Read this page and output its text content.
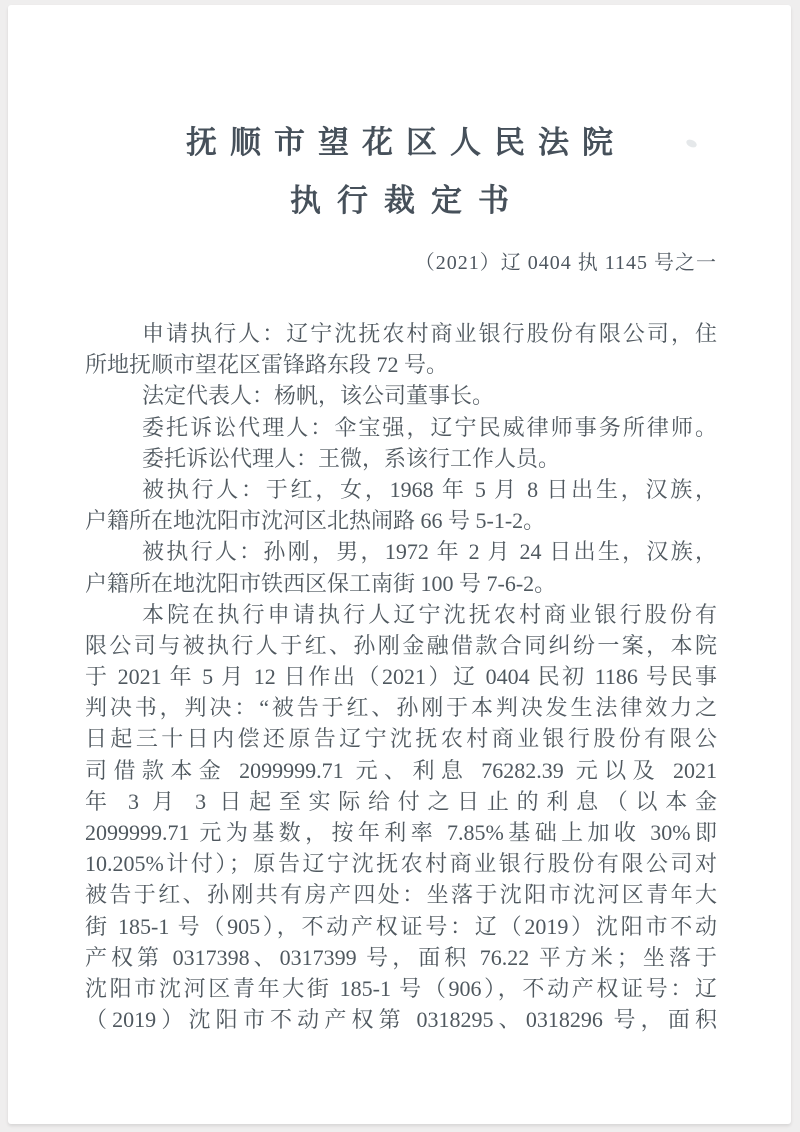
抚顺市望花区人民法院
执行裁定书
（2021）辽 0404 执 1145 号之一
申请执行人：辽宁沈抚农村商业银行股份有限公司，住
所地抚顺市望花区雷锋路东段 72 号。
法定代表人：杨帆，该公司董事长。
委托诉讼代理人：伞宝强，辽宁民威律师事务所律师。
委托诉讼代理人：王微，系该行工作人员。
被执行人：于红，女，1968 年 5 月 8 日出生，汉族，
户籍所在地沈阳市沈河区北热闹路 66 号 5-1-2。
被执行人：孙刚，男，1972 年 2 月 24 日出生，汉族，
户籍所在地沈阳市铁西区保工南街 100 号 7-6-2。
本院在执行申请执行人辽宁沈抚农村商业银行股份有
限公司与被执行人于红、孙刚金融借款合同纠纷一案，本院
于 2021 年 5 月 12 日作出（2021）辽 0404 民初 1186 号民事
判决书，判决：“被告于红、孙刚于本判决发生法律效力之
日起三十日内偿还原告辽宁沈抚农村商业银行股份有限公
司借款本金 2099999.71 元、利息 76282.39 元以及 2021
年 3 月 3 日起至实际给付之日止的利息（以本金
2099999.71 元为基数，按年利率 7.85%基础上加收 30%即
10.205%计付）；原告辽宁沈抚农村商业银行股份有限公司对
被告于红、孙刚共有房产四处：坐落于沈阳市沈河区青年大
街 185-1 号（905），不动产权证号：辽（2019）沈阳市不动
产权第 0317398、0317399 号，面积 76.22 平方米；坐落于
沈阳市沈河区青年大街 185-1 号（906），不动产权证号：辽
（2019）沈阳市不动产权第 0318295、0318296 号，面积
